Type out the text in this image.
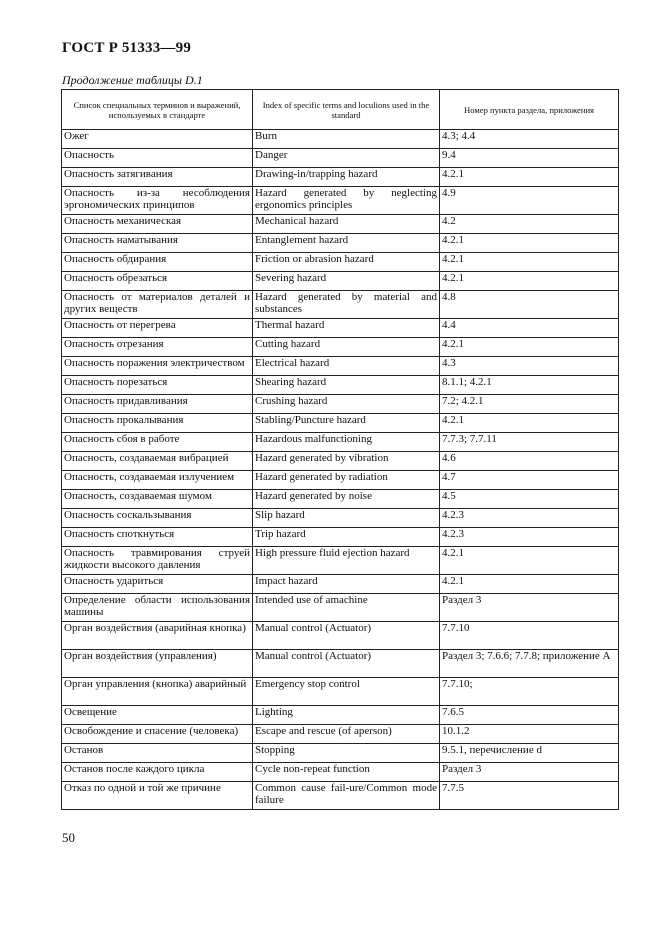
ГОСТ Р 51333—99
Продолжение таблицы D.1
Список специальных терминов и выражений, используемых в стандарте	Index of specific terms and loculions used in the standard	Номер пункта раздела, приложения
Ожег	Burn	4.3; 4.4
Опасность	Danger	9.4
Опасность затягивания	Drawing-in/trapping hazard	4.2.1
Опасность из-за несоблюдения эргономических принципов	Hazard generated by neglecting ergonomics principles	4.9
Опасность механическая	Mechanical hazard	4.2
Опасность наматывания	Entanglement hazard	4.2.1
Опасность обдирания	Friction or abrasion hazard	4.2.1
Опасность обрезаться	Severing hazard	4.2.1
Опасность от материалов деталей и других веществ	Hazard generated by material and substances	4.8
Опасность от перегрева	Thermal hazard	4.4
Опасность отрезания	Cutting hazard	4.2.1
Опасность поражения электричеством	Electrical hazard	4.3
Опасность порезаться	Shearing hazard	8.1.1; 4.2.1
Опасность придавливания	Crushing hazard	7.2; 4.2.1
Опасность прокалывания	Stabling/Puncture hazard	4.2.1
Опасность сбоя в работе	Hazardous malfunctioning	7.7.3; 7.7.11
Опасность, создаваемая вибрацией	Hazard generated by vibration	4.6
Опасность, создаваемая излучением	Hazard generated by radiation	4.7
Опасность, создаваемая шумом	Hazard generated by noise	4.5
Опасность соскальзывания	Slip hazard	4.2.3
Опасность споткнуться	Trip hazard	4.2.3
Опасность травмирования струей жидкости высокого давления	High pressure fluid ejection hazard	4.2.1
Опасность удариться	Impact hazard	4.2.1
Определение области использования машины	Intended use of amachine	Раздел 3
Орган воздействия (аварийная кнопка)	Manual control (Actuator)	7.7.10
Орган воздействия (управления)	Manual control (Actuator)	Раздел 3; 7.6.6; 7.7.8; приложение А
Орган управления (кнопка) аварийный	Emergency stop control	7.7.10;
Освещение	Lighting	7.6.5
Освобождение и спасение (человека)	Escape and rescue (of aperson)	10.1.2
Останов	Stopping	9.5.1, перечисление d
Останов после каждого цикла	Cycle non-repeat function	Раздел 3
Отказ по одной и той же причине	Common cause fail-ure/Common mode failure	7.7.5
50
